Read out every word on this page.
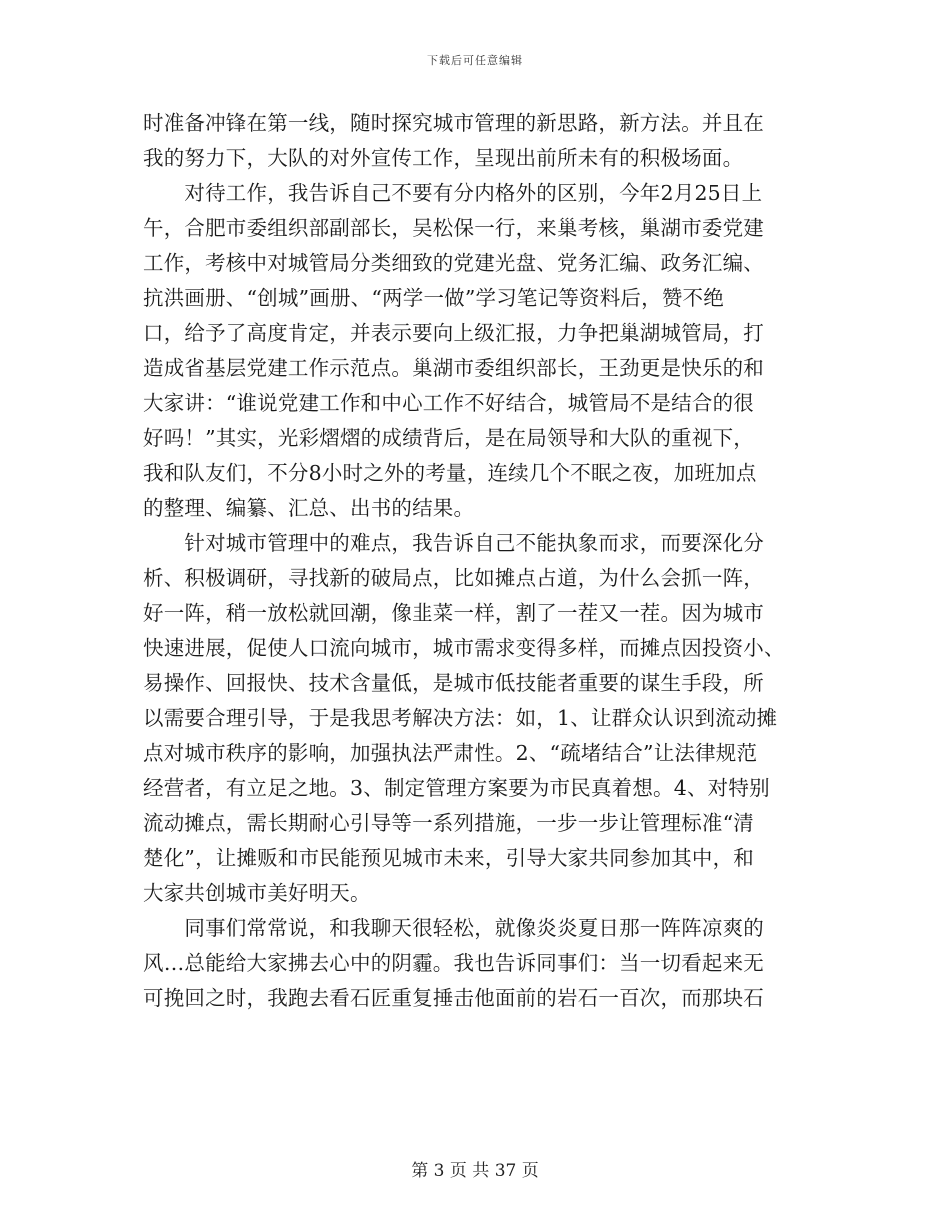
下载后可任意编辑
时准备冲锋在第一线，随时探究城市管理的新思路，新方法。并且在
我的努力下，大队的对外宣传工作，呈现出前所未有的积极场面。
　　对待工作，我告诉自己不要有分内格外的区别，今年2月25日上
午，合肥市委组织部副部长，吴松保一行，来巢考核，巢湖市委党建
工作，考核中对城管局分类细致的党建光盘、党务汇编、政务汇编、
抗洪画册、“创城”画册、“两学一做”学习笔记等资料后，赞不绝
口，给予了高度肯定，并表示要向上级汇报，力争把巢湖城管局，打
造成省基层党建工作示范点。巢湖市委组织部长，王劲更是快乐的和
大家讲：“谁说党建工作和中心工作不好结合，城管局不是结合的很
好吗！”其实，光彩熠熠的成绩背后，是在局领导和大队的重视下，
我和队友们，不分8小时之外的考量，连续几个不眠之夜，加班加点
的整理、编纂、汇总、出书的结果。
　　针对城市管理中的难点，我告诉自己不能执象而求，而要深化分
析、积极调研，寻找新的破局点，比如摊点占道，为什么会抓一阵，
好一阵，稍一放松就回潮，像韭菜一样，割了一茬又一茬。因为城市
快速进展，促使人口流向城市，城市需求变得多样，而摊点因投资小、
易操作、回报快、技术含量低，是城市低技能者重要的谋生手段，所
以需要合理引导，于是我思考解决方法：如，1、让群众认识到流动摊
点对城市秩序的影响，加强执法严肃性。2、“疏堵结合”让法律规范
经营者，有立足之地。3、制定管理方案要为市民真着想。4、对特别
流动摊点，需长期耐心引导等一系列措施，一步一步让管理标准“清
楚化”，让摊贩和市民能预见城市未来，引导大家共同参加其中，和
大家共创城市美好明天。
　　同事们常常说，和我聊天很轻松，就像炎炎夏日那一阵阵凉爽的
风…总能给大家拂去心中的阴霾。我也告诉同事们：当一切看起来无
可挽回之时，我跑去看石匠重复捶击他面前的岩石一百次，而那块石
第 3 页 共 37 页
